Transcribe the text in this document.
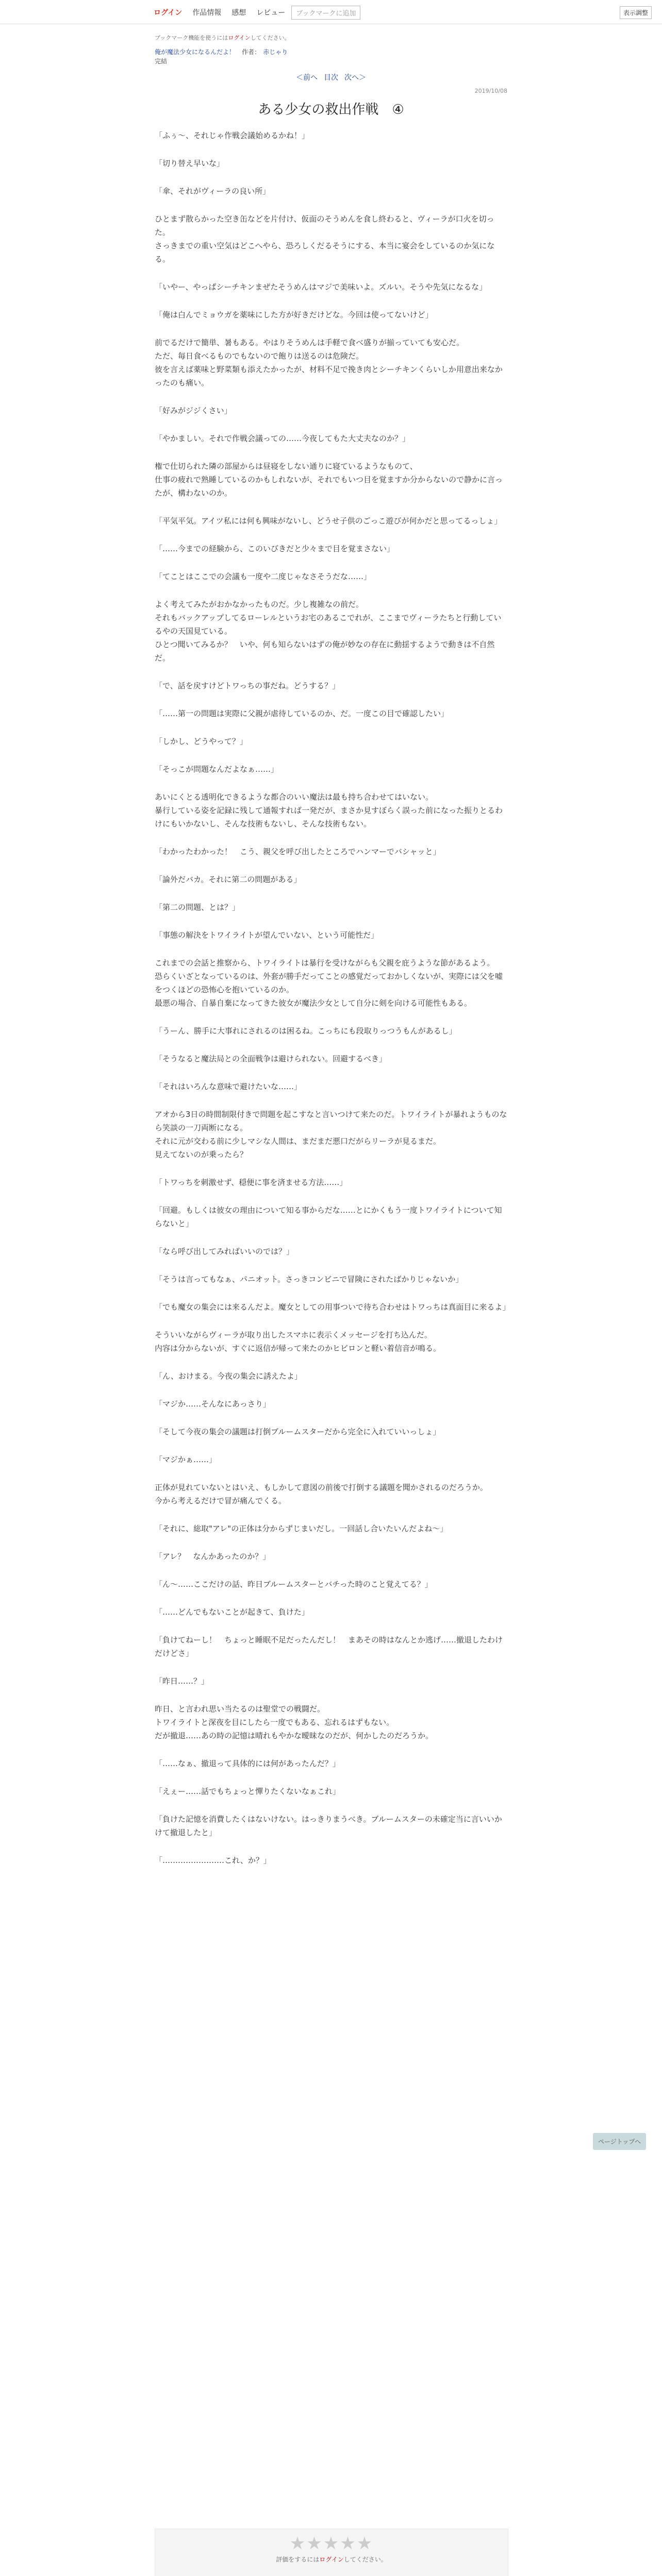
ログイン	作品情報	感想	レビュー	ブックマークに追加	表示調整
ブックマーク機能を使うにはログインしてください。
俺が魔法少女になるんだよ！ 作者： 赤じゃり
完結
＜前へ 目次 次へ＞
2019/10/08
ある少女の救出作戦　④

「ふぅ～、それじゃ作戦会議始めるかね！」

「切り替え早いな」

「傘、それがヴィーラの良い所」

ひとまず散らかった空き缶などを片付け、仮面のそうめんを食し終わると、ヴィーラが口火を切った。
さっきまでの重い空気はどこへやら、恐ろしくだるそうにする、本当に宴会をしているのか気になる。

「いやー、やっぱシーチキンまぜたそうめんはマジで美味いよ。ズルい。そうや先気になるな」

「俺は白んでミョウガを薬味にした方が好きだけどな。今回は使ってないけど」

前でるだけで簡単、暑もある。やはりそうめんは手軽で食べ盛りが揃っていても安心だ。
ただ、毎日食べるものでもないので飽りは送るのは危険だ。
彼を言えば薬味と野菜類も添えたかったが、材料不足で挽き肉とシーチキンくらいしか用意出来なかったのも痛い。

「好みがジジくさい」

「やかましい。それで作戦会議っての……今夜してもた大丈夫なのか？」

権で仕切られた隣の部屋からは昼寝をしない通りに寝ているようなものて、
仕事の疲れで熟睡しているのかもしれないが、それでもいつ目を覚ますか分からないので静かに言ったが、構わないのか。

「平気平気。アイツ私には何も興味がないし、どうせ子供のごっこ遊びが何かだと思ってるっしょ」

「……今までの経験から、このいびきだと少々まで目を覚まさない」

「てことはここでの会議も一度や二度じゃなさそうだな……」

よく考えてみたがおかなかったものだ。少し複雑なの前だ。
それもバックアップしてるローレルというお宅のあるこでれが、ここまでヴィーラたちと行動しているやの天国見ている。
ひとつ聞いてみるか？　いや、何も知らないはずの俺が妙なの存在に動揺するようで動きは不自然だ。

「で、話を戻すけどトワっちの事だね。どうする？」

「……第一の問題は実際に父親が虐待しているのか、だ。一度この目で確認したい」

「しかし、どうやって？」

「そっこが問題なんだよなぁ……」

あいにくとる透明化できるような都合のいい魔法は最も持ち合わせてはいない。
暴行している姿を記録に残して通報すれば一発だが、まさか見すぼらく誤った前になった振りとるわけにもいかないし、そんな技術もないし、そんな技術もない。

「わかったわかった！　こう、親父を呼び出したところでハンマーでバシャッと」

「論外だバカ。それに第二の問題がある」

「第二の問題、とは？」

「事態の解決をトワイライトが望んでいない、という可能性だ」

これまでの会話と推察から、トワイライトは暴行を受けながらも父親を庇うような節があるよう。
恐らくいざとなっているのは、外套が勝手だってことの感覚だっておかしくないが、実際には父を嘘をつくほどの恐怖心を抱いているのか。
最悪の場合、自暴自棄になってきた彼女が魔法少女として自分に剣を向ける可能性もある。

「うーん、勝手に大事れにされるのは困るね。こっちにも段取りっつうもんがあるし」

「そうなると魔法局との全面戦争は避けられない。回避するべき」

「それはいろんな意味で避けたいな……」

アオから3日の時間制限付きで問題を起こすなと言いつけて来たのだ。トワイライトが暴れようものなら笑談の一刀両断になる。
それに元が交わる前に少しマシな人間は、まだまだ悪口だがらリーラが見るまだ。
見えてないのが乗ったら？

「トワっちを刺激せず、穏便に事を済ませる方法……」

「回避。もしくは彼女の理由について知る事からだな……とにかくもう一度トワイライトについて知らないと」

「なら呼び出してみればいいのでは？」

「そうは言ってもなぁ、パニオット。さっきコンビニで冒険にされたばかりじゃないか」

「でも魔女の集会には来るんだよ。魔女としての用事ついで待ち合わせはトワっちは真面目に来るよ」

そういいながらヴィーラが取り出したスマホに表示くメッセージを打ち込んだ。
内容は分からないが、すぐに返信が帰って来たのかヒビロンと軽い着信音が鳴る。

「ん、おけまる。今夜の集会に誘えたよ」

「マジか……そんなにあっさり」

「そして今夜の集会の議題は打倒ブルームスターだから完全に入れていいっしょ」

「マジかぁ……」

正体が見れていないとはいえ、もしかして意図の前後で打倒する議題を聞かされるのだろうか。
今から考えるだけで冒が痛んでくる。

「それに、総取"アレ"の正体は分からずじまいだし。一回話し合いたいんだよね～」

「アレ？　なんかあったのか？」

「ん～……ここだけの話、昨日ブルームスターとバチった時のこと覚えてる？」

「……どんでもないことが起きて、負けた」

「負けてねーし！　ちょっと睡眠不足だったんだし！　まあその時はなんとか逃げ……撤退したわけだけどさ」

「昨日……？」

昨日、と言われ思い当たるのは聖堂での戦闘だ。
トワイライトと深夜を目にしたら一度でもある、忘れるはずもない。
だが撤退……あの時の記憶は晴れもやかな曖昧なのだが、何かしたのだろうか。

「……なぁ、撤退って具体的には何があったんだ？」

「えぇー……話でもちょっと憚りたくないなぁこれ」

「負けた記憶を消費したくはないけない。はっきりまうべき。ブルームスターの未確定当に言いいかけて撤退したと」

「……………………これ、か？」

★★★★★
評価をするにはログインしてください。
ページトップへ
